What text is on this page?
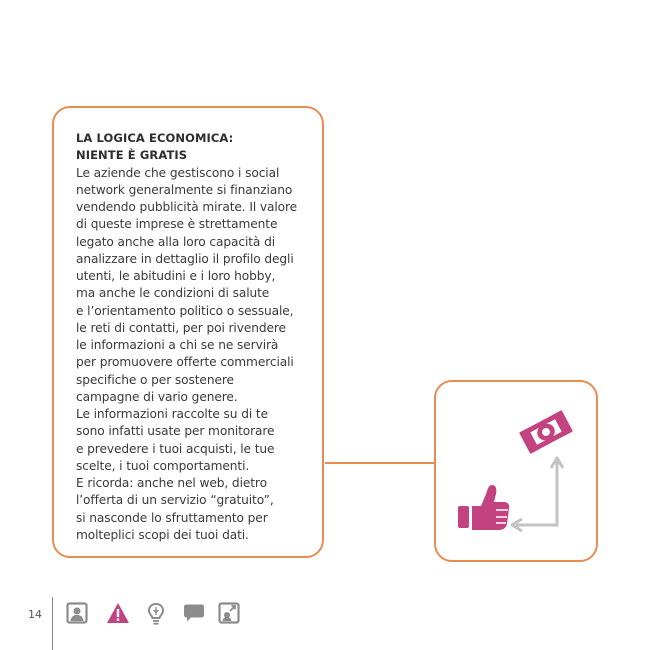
LA LOGICA ECONOMICA:
NIENTE È GRATIS
Le aziende che gestiscono i social
network generalmente si finanziano
vendendo pubblicità mirate. Il valore
di queste imprese è strettamente
legato anche alla loro capacità di
analizzare in dettaglio il profilo degli
utenti, le abitudini e i loro hobby,
ma anche le condizioni di salute
e l’orientamento politico o sessuale,
le reti di contatti, per poi rivendere
le informazioni a chi se ne servirà
per promuovere offerte commerciali
specifiche o per sostenere
campagne di vario genere.
Le informazioni raccolte su di te
sono infatti usate per monitorare
e prevedere i tuoi acquisti, le tue
scelte, i tuoi comportamenti.
E ricorda: anche nel web, dietro
l’offerta di un servizio “gratuito”,
si nasconde lo sfruttamento per
molteplici scopi dei tuoi dati.
14
